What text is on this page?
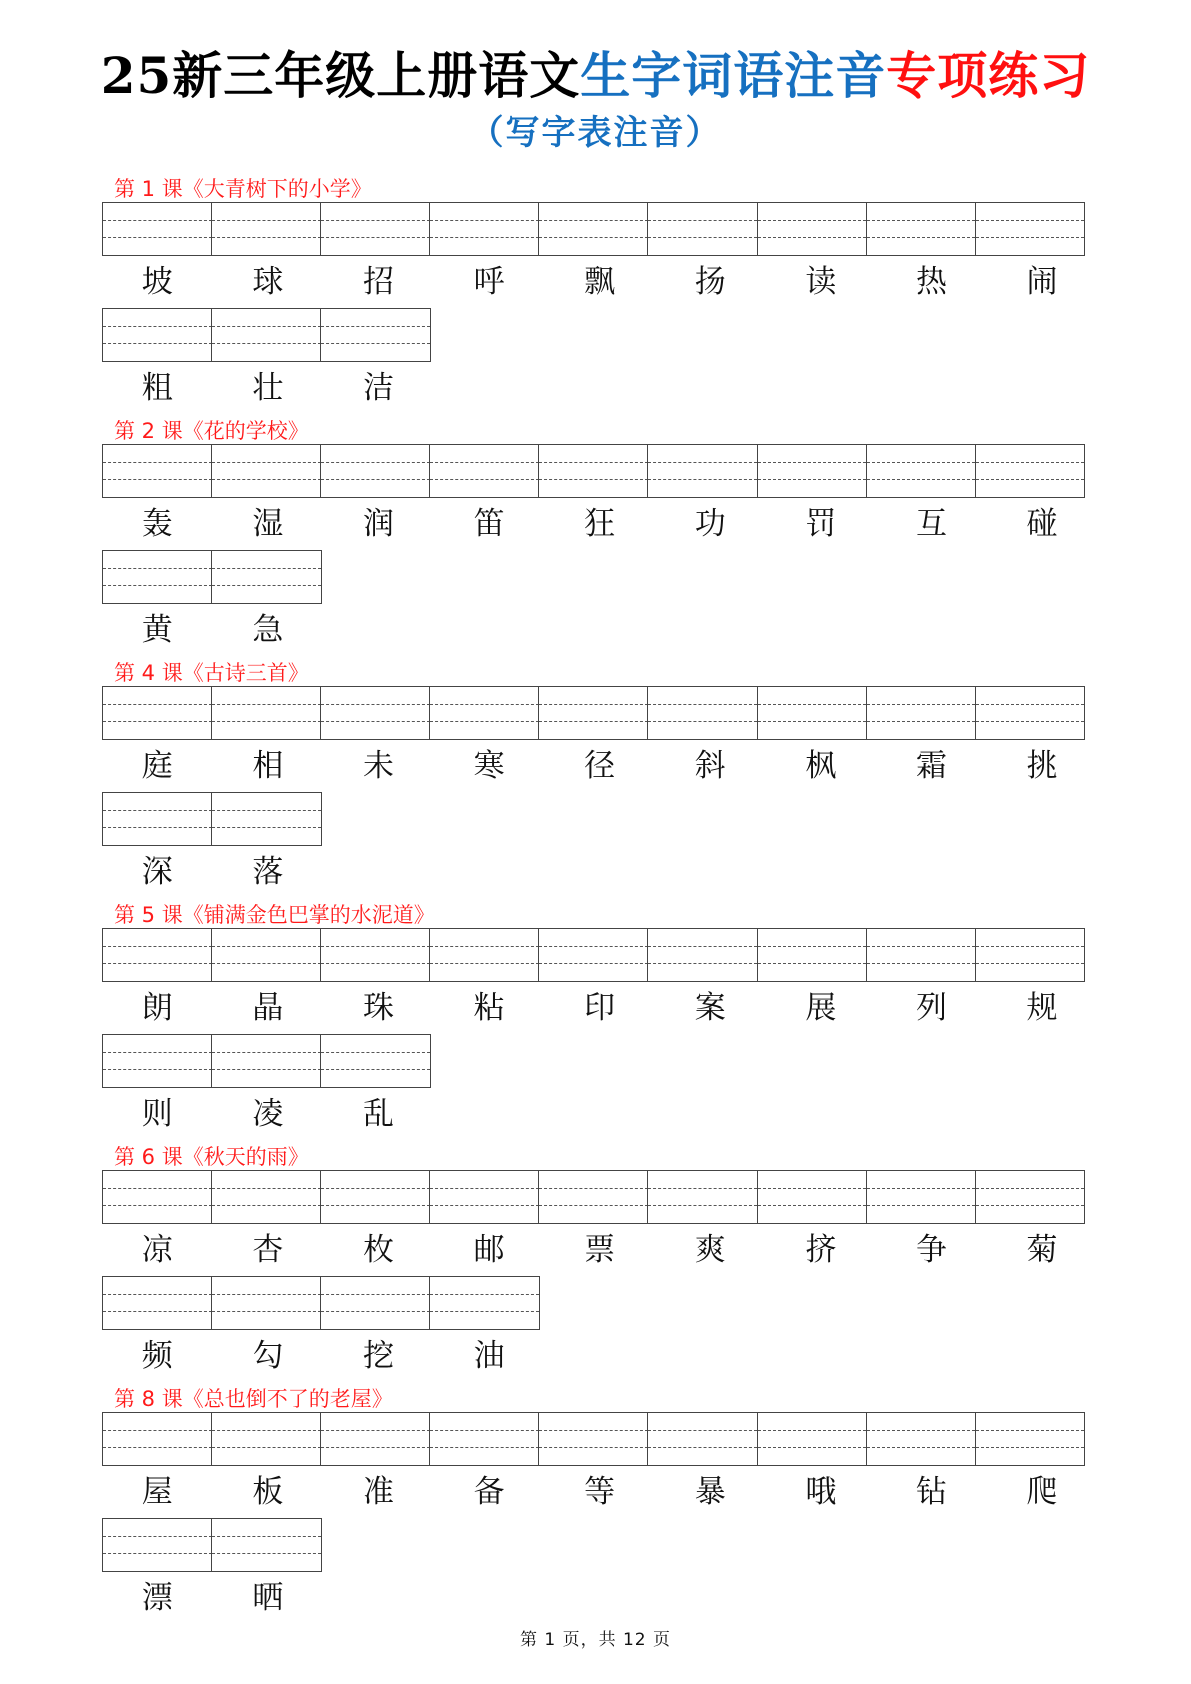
25新三年级上册语文生字词语注音专项练习
（写字表注音）
第 1 课《大青树下的小学》
坡	球	招	呼	飘	扬	读	热	闹
粗	壮	洁
第 2 课《花的学校》
轰	湿	润	笛	狂	功	罚	互	碰
黄	急
第 4 课《古诗三首》
庭	相	未	寒	径	斜	枫	霜	挑
深	落
第 5 课《铺满金色巴掌的水泥道》
朗	晶	珠	粘	印	案	展	列	规
则	凌	乱
第 6 课《秋天的雨》
凉	杏	枚	邮	票	爽	挤	争	菊
频	勾	挖	油
第 8 课《总也倒不了的老屋》
屋	板	准	备	等	暴	哦	钻	爬
漂	晒
第 1 页，共 12 页
